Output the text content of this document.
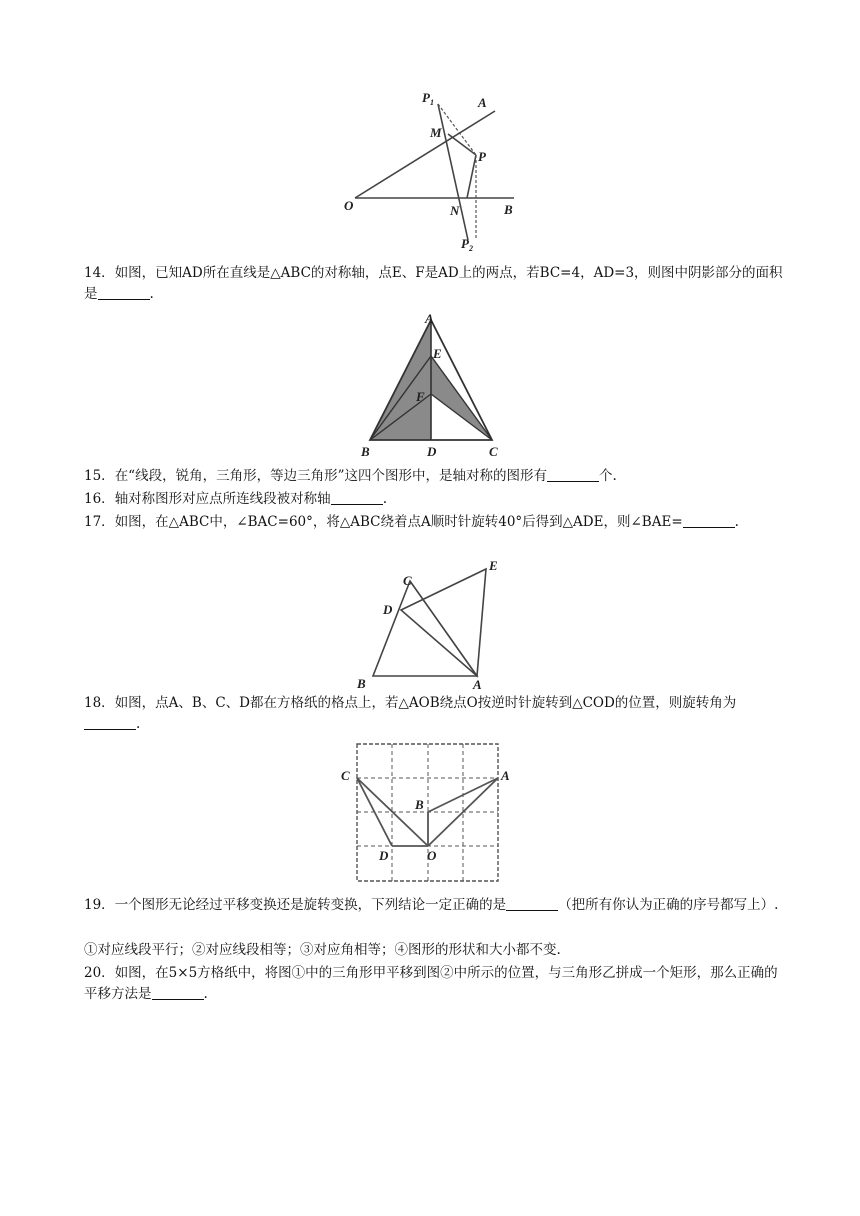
$P_1$	A
M
P
O	N	B
$P_2$

14．如图，已知AD所在直线是△ABC的对称轴，点E、F是AD上的两点，若BC=4，AD=3，则图中阴影部分的面积是	.

A
E
F
B	D	C

15．在“线段，锐角，三角形，等边三角形”这四个图形中，是轴对称的图形有	个.

16．轴对称图形对应点所连线段被对称轴	.

17．如图，在△ABC中，∠BAC=60°，将△ABC绕着点A顺时针旋转40°后得到△ADE，则∠BAE=	.

C
E
D
B	A

18．如图，点A、B、C、D都在方格纸的格点上，若△AOB绕点O按逆时针旋转到△COD的位置，则旋转角为.

C	A
B
D	O

19．一个图形无论经过平移变换还是旋转变换，下列结论一定正确的是	（把所有你认为正确的序号都写上）.

①对应线段平行；②对应线段相等；③对应角相等；④图形的形状和大小都不变.

20．如图，在5×5方格纸中，将图①中的三角形甲平移到图②中所示的位置，与三角形乙拼成一个矩形，那么正确的平移方法是	.
